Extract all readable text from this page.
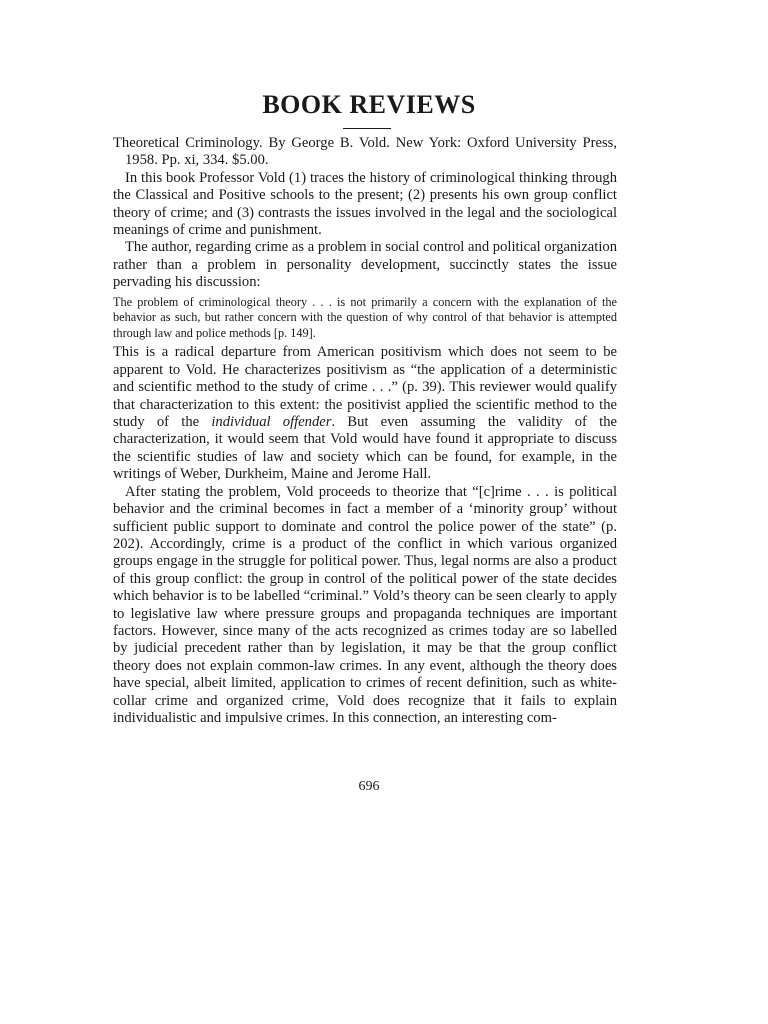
BOOK REVIEWS

Theoretical Criminology. By George B. Vold. New York: Oxford University Press, 1958. Pp. xi, 334. $5.00.

In this book Professor Vold (1) traces the history of criminological thinking through the Classical and Positive schools to the present; (2) presents his own group conflict theory of crime; and (3) contrasts the issues involved in the legal and the sociological meanings of crime and punishment.

The author, regarding crime as a problem in social control and political organization rather than a problem in personality development, succinctly states the issue pervading his discussion:

The problem of criminological theory . . . is not primarily a concern with the explanation of the behavior as such, but rather concern with the question of why control of that behavior is attempted through law and police methods [p. 149].

This is a radical departure from American positivism which does not seem to be apparent to Vold. He characterizes positivism as “the application of a deterministic and scientific method to the study of crime . . .” (p. 39). This reviewer would qualify that characterization to this extent: the positivist applied the scientific method to the study of the individual offender. But even assuming the validity of the characterization, it would seem that Vold would have found it appropriate to discuss the scientific studies of law and society which can be found, for example, in the writings of Weber, Durkheim, Maine and Jerome Hall.

After stating the problem, Vold proceeds to theorize that “[c]rime . . . is political behavior and the criminal becomes in fact a member of a ‘minority group’ without sufficient public support to dominate and control the police power of the state” (p. 202). Accordingly, crime is a product of the conflict in which various organized groups engage in the struggle for political power. Thus, legal norms are also a product of this group conflict: the group in control of the political power of the state decides which behavior is to be labelled “criminal.” Vold’s theory can be seen clearly to apply to legislative law where pressure groups and propaganda techniques are important factors. However, since many of the acts recognized as crimes today are so labelled by judicial precedent rather than by legislation, it may be that the group conflict theory does not explain common-law crimes. In any event, although the theory does have special, albeit limited, application to crimes of recent definition, such as white-collar crime and organized crime, Vold does recognize that it fails to explain individualistic and impulsive crimes. In this connection, an interesting com-

696
